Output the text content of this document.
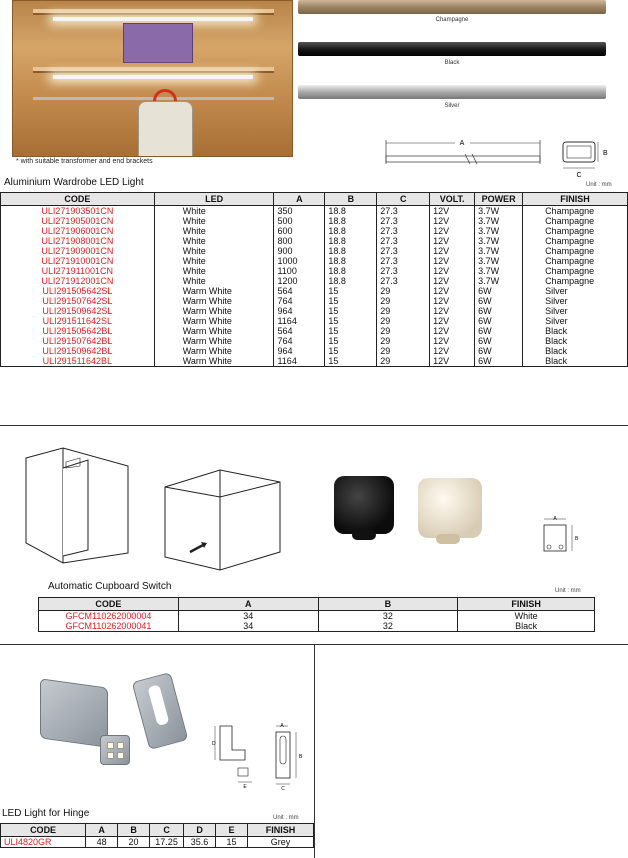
* with suitable transformer and end brackets
Champagne
Black
Silver
A
B
C
Aluminium Wardrobe LED Light	Unit : mm
CODE	LED	A	B	C	VOLT.	POWER	FINISH
ULI271903501CN	White	350	18.8	27.3	12V	3.7W	Champagne
ULI271905001CN	White	500	18.8	27.3	12V	3.7W	Champagne
ULI271906001CN	White	600	18.8	27.3	12V	3.7W	Champagne
ULI271908001CN	White	800	18.8	27.3	12V	3.7W	Champagne
ULI271909001CN	White	900	18.8	27.3	12V	3.7W	Champagne
ULI271910001CN	White	1000	18.8	27.3	12V	3.7W	Champagne
ULI271911001CN	White	1100	18.8	27.3	12V	3.7W	Champagne
ULI271912001CN	White	1200	18.8	27.3	12V	3.7W	Champagne
ULI291505642SL	Warm White	564	15	29	12V	6W	Silver
ULI291507642SL	Warm White	764	15	29	12V	6W	Silver
ULI291509642SL	Warm White	964	15	29	12V	6W	Silver
ULI291511642SL	Warm White	1164	15	29	12V	6W	Silver
ULI291505642BL	Warm White	564	15	29	12V	6W	Black
ULI291507642BL	Warm White	764	15	29	12V	6W	Black
ULI291509642BL	Warm White	964	15	29	12V	6W	Black
ULI291511642BL	Warm White	1164	15	29	12V	6W	Black
A
B
Automatic Cupboard Switch	Unit : mm
CODE	A	B	FINISH
GFCM110262000004	34	32	White
GFCM110262000041	34	32	Black
D
E
A
B
C
LED Light for Hinge	Unit : mm
CODE	A	B	C	D	E	FINISH
ULI4820GR	48	20	17.25	35.6	15	Grey
